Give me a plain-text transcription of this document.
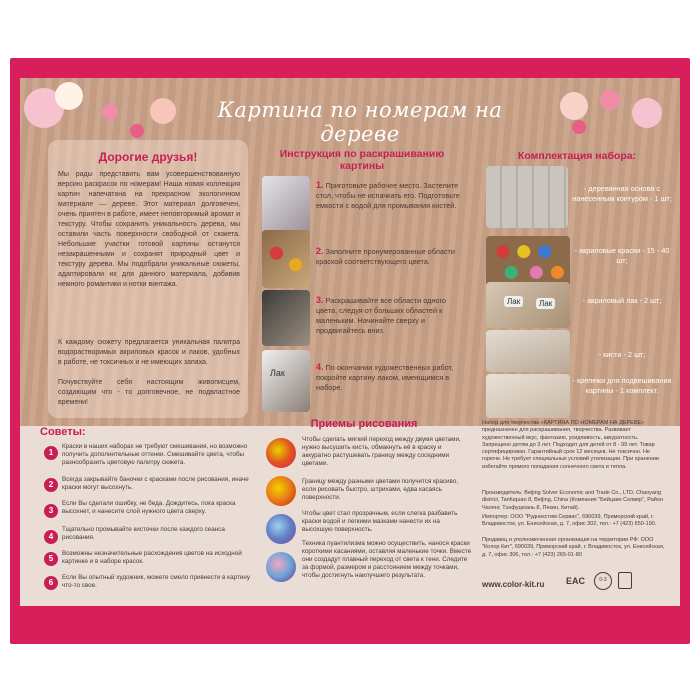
Картина по номерам на дереве
Дорогие друзья!
Мы рады представить вам усовершенствованную версию раскрасок по номерам! Наша новая коллекция картин напечатана на прекрасном экологичном материале — дереве. Этот материал долговечен, очень приятен в работе, имеет неповторимый аромат и текстуру. Чтобы сохранить уникальность дерева, мы оставили часть поверхности свободной от сюжета. Небольшие участки готовой картины останутся незакрашенными и сохранят природный цвет и текстуру дерева. Мы подобрали уникальные сюжеты, адаптировали их для данного материала, добавив немного романтики и нотки винтажа.
К каждому сюжету предлагается уникальная палитра водорастворимых акриловых красок и лаков, удобных в работе, не токсичных и не имеющих запаха.
Почувствуйте себя настоящим живописцем, создающим что - то долговечное, не подвластное времени!
Инструкция по раскрашиванию картины
Лак
1. Приготовьте рабочее место. Застелите стол, чтобы не испачкать его. Подготовьте емкости с водой для промывания кистей.
2. Заполните пронумерованные области краской соответствующего цвета.
3. Раскрашивайте все области одного цвета, следуя от больших областей к маленьким. Начинайте сверху и продвигайтесь вниз.
4. По окончании художественных работ, покройте картину лаком, имеющимся в наборе.
Комплектация набора:
Лак	Лак
- деревянная основа с нанесенным контуром - 1 шт;
- акриловые краски - 15 - 40 шт;
- акриловый лак - 2 шт;
- кисти - 2 шт;
- крепежи для подвешивания картины - 1 комплект.
Советы:
1
Краски в наших наборах не требуют смешивания, но возможно получить дополнительные оттенки. Смешивайте цвета, чтобы разнообразить цветовую палитру сюжета.
2
Всегда закрывайте баночки с красками после рисования, иначе краски могут высохнуть.
3
Если Вы сделали ошибку, не беда. Дождитесь, пока краска высохнет, и нанесите слой нужного цвета сверху.
4
Тщательно промывайте кисточки после каждого сеанса рисования.
5
Возможны незначительные расхождения цветов на исходной картинке и в наборе красок.
6
Если Вы опытный художник, можете смело привнести в картину что-то свое.
Приемы рисования
Чтобы сделать мягкий переход между двумя цветами, нужно высушить кисть, обмакнуть её в краску и аккуратно растушевать границу между соседними цветами.
Границу между разными цветами получится красиво, если рисовать быстро, штрихами, едва касаясь поверхности.
Чтобы цвет стал прозрачным, если слегка разбавить краски водой и легкими мазками нанести их на высохшую поверхность.
Техника пуантилизма можно осуществить, нанося краски короткими касаниями, оставляя маленькие точки. Вместе они создадут плавный переход от света к тени. Следите за формой, размером и расстоянием между точками, чтобы достигнуть наилучшего результата.
Набор для творчества «КАРТИНА ПО НОМЕРАМ НА ДЕРЕВЕ» предназначен для раскрашивания, творчества. Развивает художественный вкус, фантазию, усидчивость, аккуратность. Запрещено детям до 3 лет. Подходит для детей от 8 - 99 лет. Товар сертифицирован. Гарантийный срок 12 месяцев. Не токсично. Не горюче. Не требует специальных условий утилизации. При хранении избегайте прямого попадания солнечного света и тепла.
Производитель: Beijing Solver Economic and Trade Co., LTD, Chaoyang district, Tanfuquan 8, Beijing, China (Компания "Бейцзин Солвер", Район Чаоянг, Тэнфуцюань 8, Пекин, Китай).
Импортер: ООО "Руднекстим Сервис", 690039, Приморский край, г. Владивосток, ул. Енисейская, д. 7, офис 302, тел.: +7 (423) 650-190.
Продавец и уполномоченная организация на территории РФ: ООО "Колор Кит", 690039, Приморский край, г. Владивосток, ул. Енисейская, д. 7, офис 306, тел.: +7 (423) 265-01-80
www.color-kit.ru EAC	0-3
